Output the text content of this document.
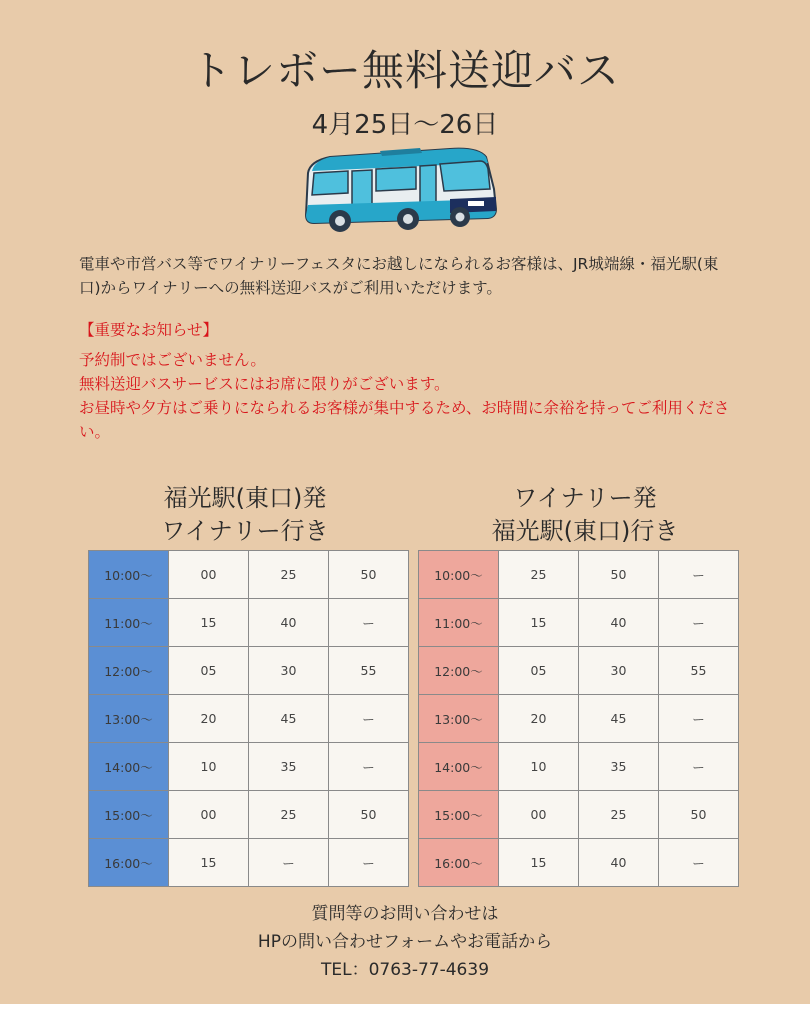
トレボー無料送迎バス
4月25日〜26日
電車や市営バス等でワイナリーフェスタにお越しになられるお客様は、JR城端線・福光駅(東口)からワイナリーへの無料送迎バスがご利用いただけます。
【重要なお知らせ】
予約制ではございません。
無料送迎バスサービスにはお席に限りがございます。
お昼時や夕方はご乗りになられるお客様が集中するため、お時間に余裕を持ってご利用ください。
福光駅(東口)発
ワイナリー行き
ワイナリー発
福光駅(東口)行き
10:00〜	00	25	50
11:00〜	15	40	ー
12:00〜	05	30	55
13:00〜	20	45	ー
14:00〜	10	35	ー
15:00〜	00	25	50
16:00〜	15	ー	ー
10:00〜	25	50	ー
11:00〜	15	40	ー
12:00〜	05	30	55
13:00〜	20	45	ー
14:00〜	10	35	ー
15:00〜	00	25	50
16:00〜	15	40	ー
質問等のお問い合わせは
HPの問い合わせフォームやお電話から
TEL：0763-77-4639
